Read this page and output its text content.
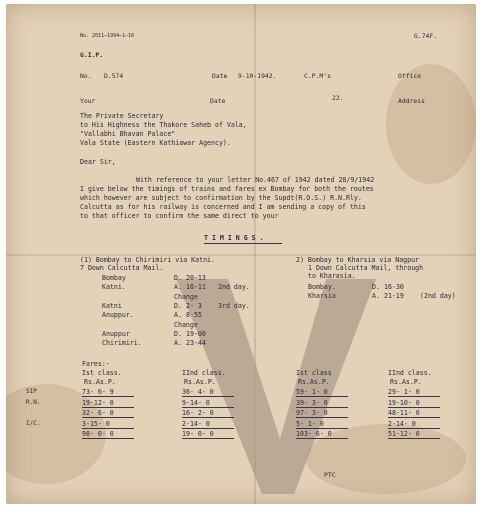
No. 2011–1994–1–16	G.74F.
G.I.P.
No. D.574	Date 9-10-1942.	C.P.M's	Office
Your	Date	22.	Address
The Private Secretary
to His Highness the Thakore Saheb of Vala,
"Vallabhi Bhavan Palace"
Vala State (Eastern Kathiawar Agency).
Dear Sir,
With reference to your letter No.467 of 1942 dated 28/9/1942
I give below the timings of trains and fares ex Bombay for both the routes
which however are subject to confirmation by the Supdt(R.O.S.) R.N.Rly.
Calcutta as for his railway is concerned and I am sending a copy of this
to that officer to confirm the same direct to your
T I M I N G S .
(1) Bombay to Chirimiri via Katni.
7 Down Calcutta Mail.
Bombay	D. 20-13
Katni.	A. 16-11 2nd day.
Change
Katni	D. 2- 3 3rd day.
Anuppur.	A. 8-55
Change
Anuppur	D. 19-00
Chirimiri.	A. 23-44
2) Bombay to Kharsia via Nagpur
1 Down Calcutta Mail, through
to Kharasia.
Bombay.	D. 16-30
Kharsia	A. 21-19 (2nd day)
Fares:-
Ist class.	IInd class.	Ist class	IInd class.
Rs.As.P.	Rs.As.P.	Rs.As.P.	Rs.As.P.
SIP	73- 0- 9	36- 4- 0	59- 1- 0	29- 1- 0
R.N.	19-12- 0	9-14- 0	39- 3- 0	19-10- 0
32- 6- 0	16- 2- 0	97- 3- 0	48-11- 0
I/C.	3-15- 0	2-14- 0	5- 1- 0	2-14- 0
98- 0- 0	19- 0- 0	103- 6- 0	51-12- 0
PTC
